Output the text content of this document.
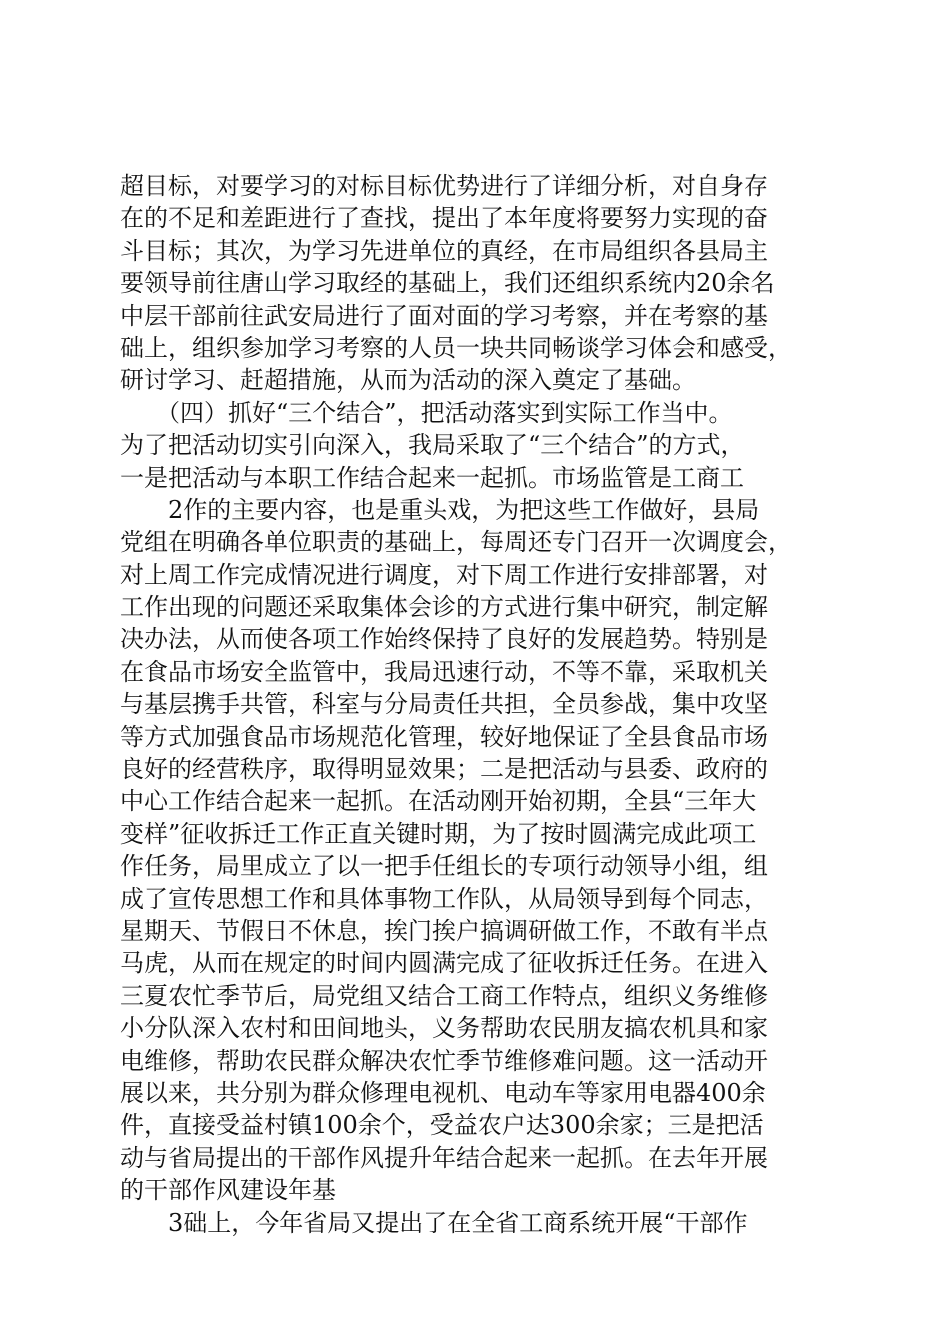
超目标，对要学习的对标目标优势进行了详细分析，对自身存
在的不足和差距进行了查找，提出了本年度将要努力实现的奋
斗目标；其次，为学习先进单位的真经，在市局组织各县局主
要领导前往唐山学习取经的基础上，我们还组织系统内20余名
中层干部前往武安局进行了面对面的学习考察，并在考察的基
础上，组织参加学习考察的人员一块共同畅谈学习体会和感受，
研讨学习、赶超措施，从而为活动的深入奠定了基础。
　　（四）抓好“三个结合”，把活动落实到实际工作当中。
为了把活动切实引向深入，我局采取了“三个结合”的方式，
一是把活动与本职工作结合起来一起抓。市场监管是工商工
　　2作的主要内容，也是重头戏，为把这些工作做好，县局
党组在明确各单位职责的基础上，每周还专门召开一次调度会，
对上周工作完成情况进行调度，对下周工作进行安排部署，对
工作出现的问题还采取集体会诊的方式进行集中研究，制定解
决办法，从而使各项工作始终保持了良好的发展趋势。特别是
在食品市场安全监管中，我局迅速行动，不等不靠，采取机关
与基层携手共管，科室与分局责任共担，全员参战，集中攻坚
等方式加强食品市场规范化管理，较好地保证了全县食品市场
良好的经营秩序，取得明显效果；二是把活动与县委、政府的
中心工作结合起来一起抓。在活动刚开始初期，全县“三年大
变样”征收拆迁工作正直关键时期，为了按时圆满完成此项工
作任务，局里成立了以一把手任组长的专项行动领导小组，组
成了宣传思想工作和具体事物工作队，从局领导到每个同志，
星期天、节假日不休息，挨门挨户搞调研做工作，不敢有半点
马虎，从而在规定的时间内圆满完成了征收拆迁任务。在进入
三夏农忙季节后，局党组又结合工商工作特点，组织义务维修
小分队深入农村和田间地头，义务帮助农民朋友搞农机具和家
电维修，帮助农民群众解决农忙季节维修难问题。这一活动开
展以来，共分别为群众修理电视机、电动车等家用电器400余
件，直接受益村镇100余个，受益农户达300余家；三是把活
动与省局提出的干部作风提升年结合起来一起抓。在去年开展
的干部作风建设年基
　　3础上，今年省局又提出了在全省工商系统开展“干部作
